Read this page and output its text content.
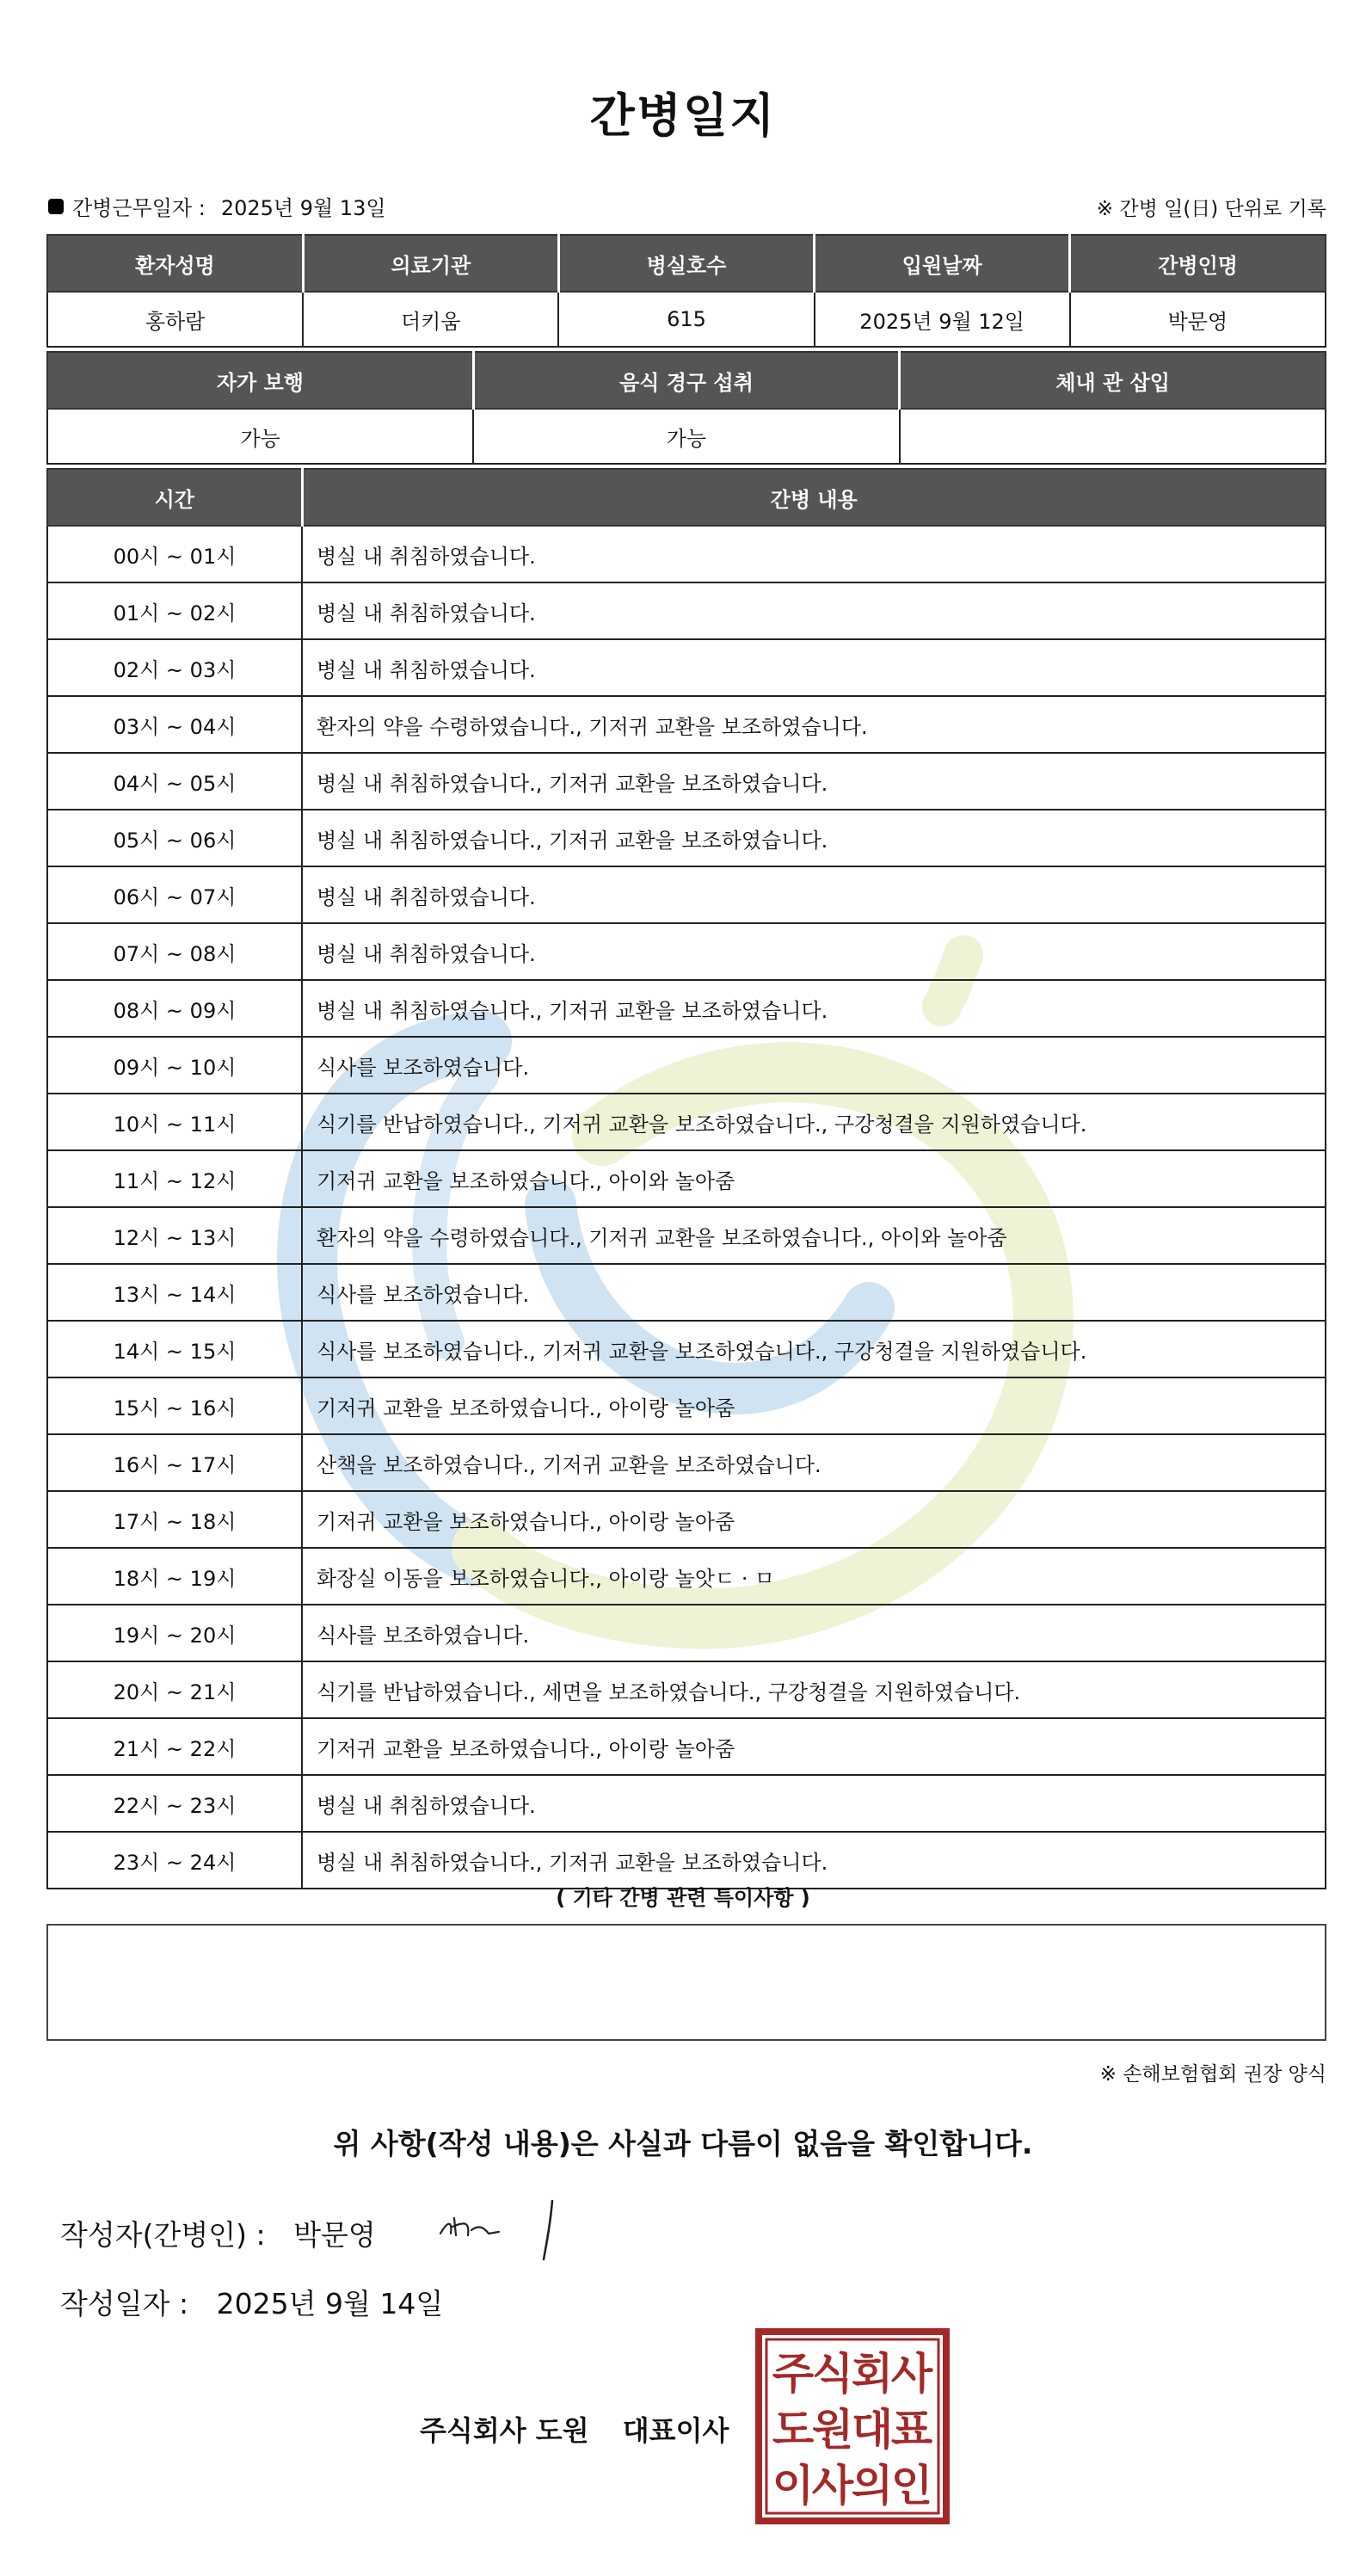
간병일지
간병근무일자 : 2025년 9월 13일	※ 간병 일(日) 단위로 기록
환자성명	의료기관	병실호수	입원날짜	간병인명
홍하람	더키움	615	2025년 9월 12일	박문영
자가 보행	음식 경구 섭취	체내 관 삽입
가능	가능	
시간	간병 내용
00시 ~ 01시	병실 내 취침하였습니다.
01시 ~ 02시	병실 내 취침하였습니다.
02시 ~ 03시	병실 내 취침하였습니다.
03시 ~ 04시	환자의 약을 수령하였습니다., 기저귀 교환을 보조하였습니다.
04시 ~ 05시	병실 내 취침하였습니다., 기저귀 교환을 보조하였습니다.
05시 ~ 06시	병실 내 취침하였습니다., 기저귀 교환을 보조하였습니다.
06시 ~ 07시	병실 내 취침하였습니다.
07시 ~ 08시	병실 내 취침하였습니다.
08시 ~ 09시	병실 내 취침하였습니다., 기저귀 교환을 보조하였습니다.
09시 ~ 10시	식사를 보조하였습니다.
10시 ~ 11시	식기를 반납하였습니다., 기저귀 교환을 보조하였습니다., 구강청결을 지원하였습니다.
11시 ~ 12시	기저귀 교환을 보조하였습니다., 아이와 놀아줌
12시 ~ 13시	환자의 약을 수령하였습니다., 기저귀 교환을 보조하였습니다., 아이와 놀아줌
13시 ~ 14시	식사를 보조하였습니다.
14시 ~ 15시	식사를 보조하였습니다., 기저귀 교환을 보조하였습니다., 구강청결을 지원하였습니다.
15시 ~ 16시	기저귀 교환을 보조하였습니다., 아이랑 놀아줌
16시 ~ 17시	산책을 보조하였습니다., 기저귀 교환을 보조하였습니다.
17시 ~ 18시	기저귀 교환을 보조하였습니다., 아이랑 놀아줌
18시 ~ 19시	화장실 이동을 보조하였습니다., 아이랑 놀앗ㄷ · ㅁ
19시 ~ 20시	식사를 보조하였습니다.
20시 ~ 21시	식기를 반납하였습니다., 세면을 보조하였습니다., 구강청결을 지원하였습니다.
21시 ~ 22시	기저귀 교환을 보조하였습니다., 아이랑 놀아줌
22시 ~ 23시	병실 내 취침하였습니다.
23시 ~ 24시	병실 내 취침하였습니다., 기저귀 교환을 보조하였습니다.
( 기타 간병 관련 특이사항 )
※ 손해보험협회 권장 양식
위 사항(작성 내용)은 사실과 다름이 없음을 확인합니다.
작성자(간병인) : 박문영
작성일자 : 2025년 9월 14일
주식회사 도원 대표이사
주
식
회
사
도
원
대
표
이
사
의
인
